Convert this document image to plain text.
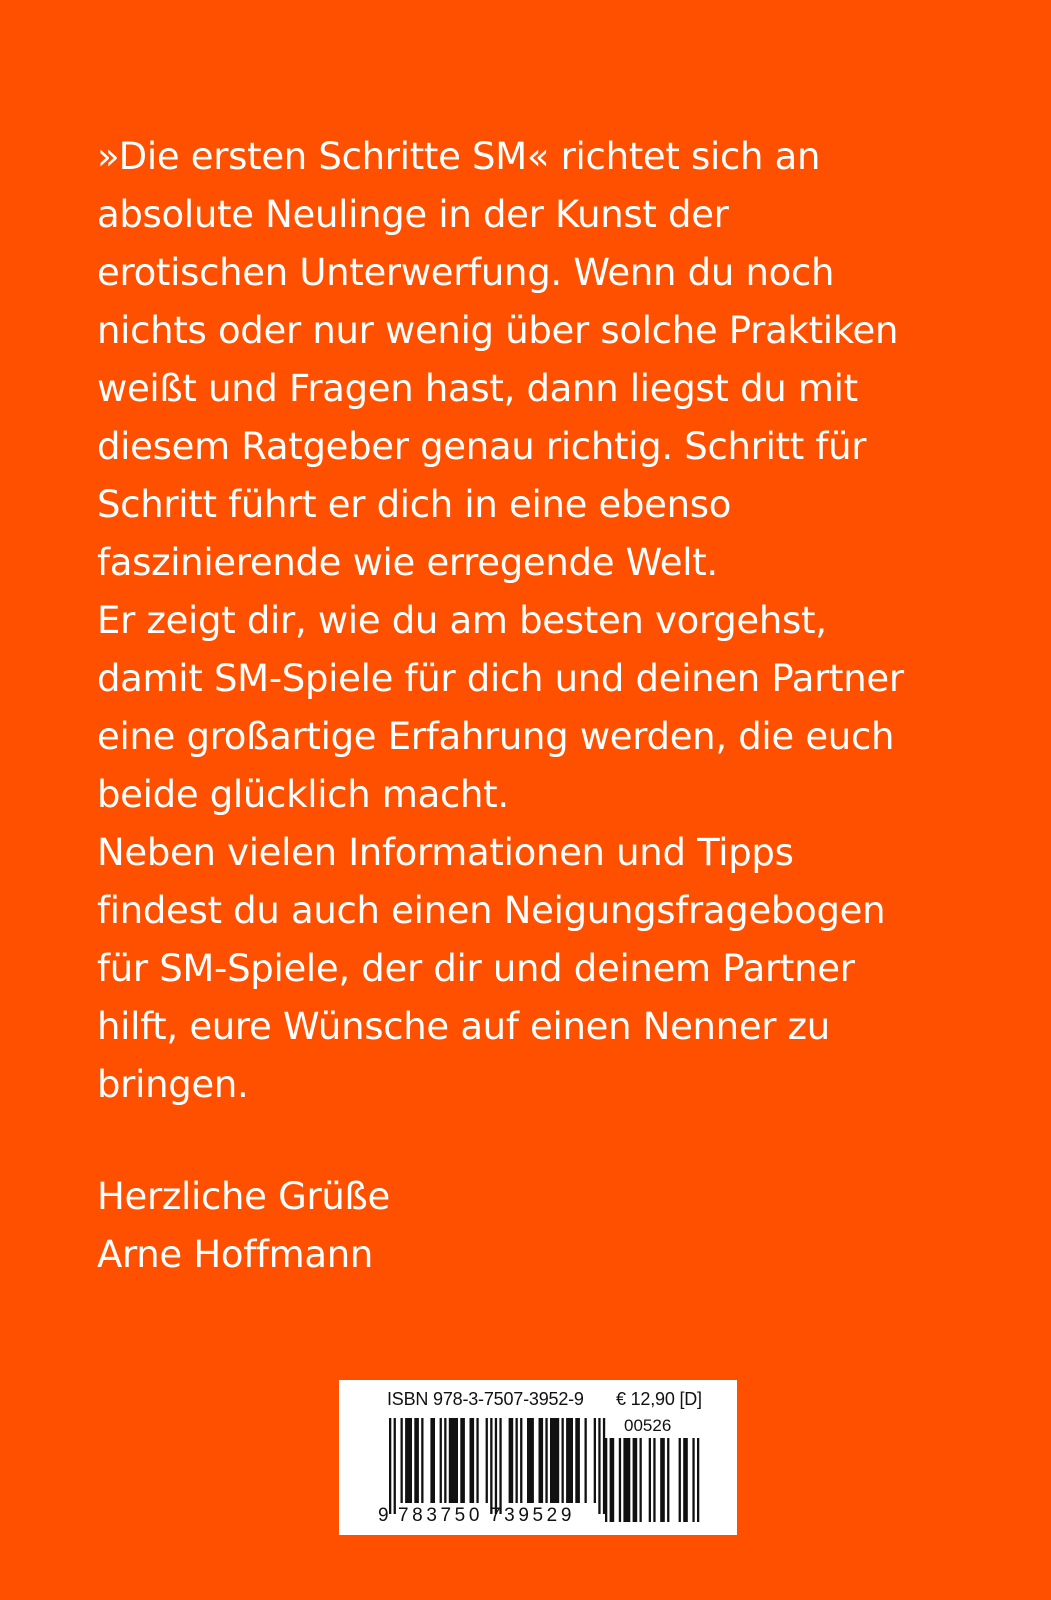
»Die ersten Schritte SM« richtet sich an
absolute Neulinge in der Kunst der
erotischen Unterwerfung. Wenn du noch
nichts oder nur wenig über solche Praktiken
weißt und Fragen hast, dann liegst du mit
diesem Ratgeber genau richtig. Schritt für
Schritt führt er dich in eine ebenso
faszinierende wie erregende Welt.
Er zeigt dir, wie du am besten vorgehst,
damit SM-Spiele für dich und deinen Partner
eine großartige Erfahrung werden, die euch
beide glücklich macht.
Neben vielen Informationen und Tipps
findest du auch einen Neigungsfragebogen
für SM-Spiele, der dir und deinem Partner
hilft, eure Wünsche auf einen Nenner zu
bringen.
Herzliche Grüße
Arne Hoffmann
ISBN 978-3-7507-3952-9 € 12,90 [D]
00526
9 783750 739529
